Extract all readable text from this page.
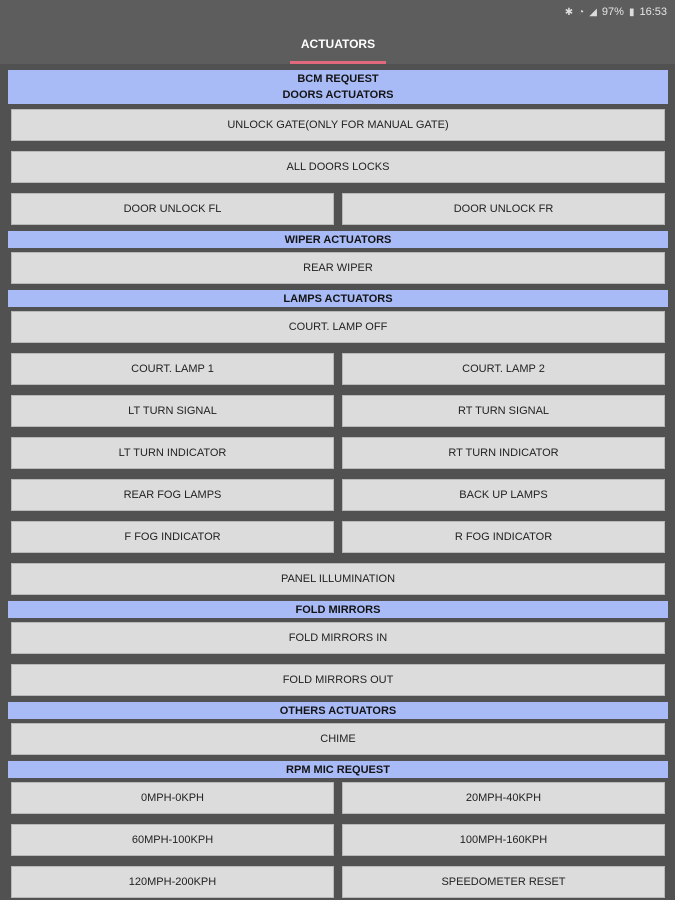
✱ ◔ ◢ 97% ▮ 16:53
ACTUATORS
BCM REQUEST
DOORS ACTUATORS
UNLOCK GATE(ONLY FOR MANUAL GATE)
ALL DOORS LOCKS
DOOR UNLOCK FL	DOOR UNLOCK FR
WIPER ACTUATORS
REAR WIPER
LAMPS ACTUATORS
COURT. LAMP OFF
COURT. LAMP 1	COURT. LAMP 2
LT TURN SIGNAL	RT TURN SIGNAL
LT TURN INDICATOR	RT TURN INDICATOR
REAR FOG LAMPS	BACK UP LAMPS
F FOG INDICATOR	R FOG INDICATOR
PANEL ILLUMINATION
FOLD MIRRORS
FOLD MIRRORS IN
FOLD MIRRORS OUT
OTHERS ACTUATORS
CHIME
RPM MIC REQUEST
0MPH-0KPH	20MPH-40KPH
60MPH-100KPH	100MPH-160KPH
120MPH-200KPH	SPEEDOMETER RESET
